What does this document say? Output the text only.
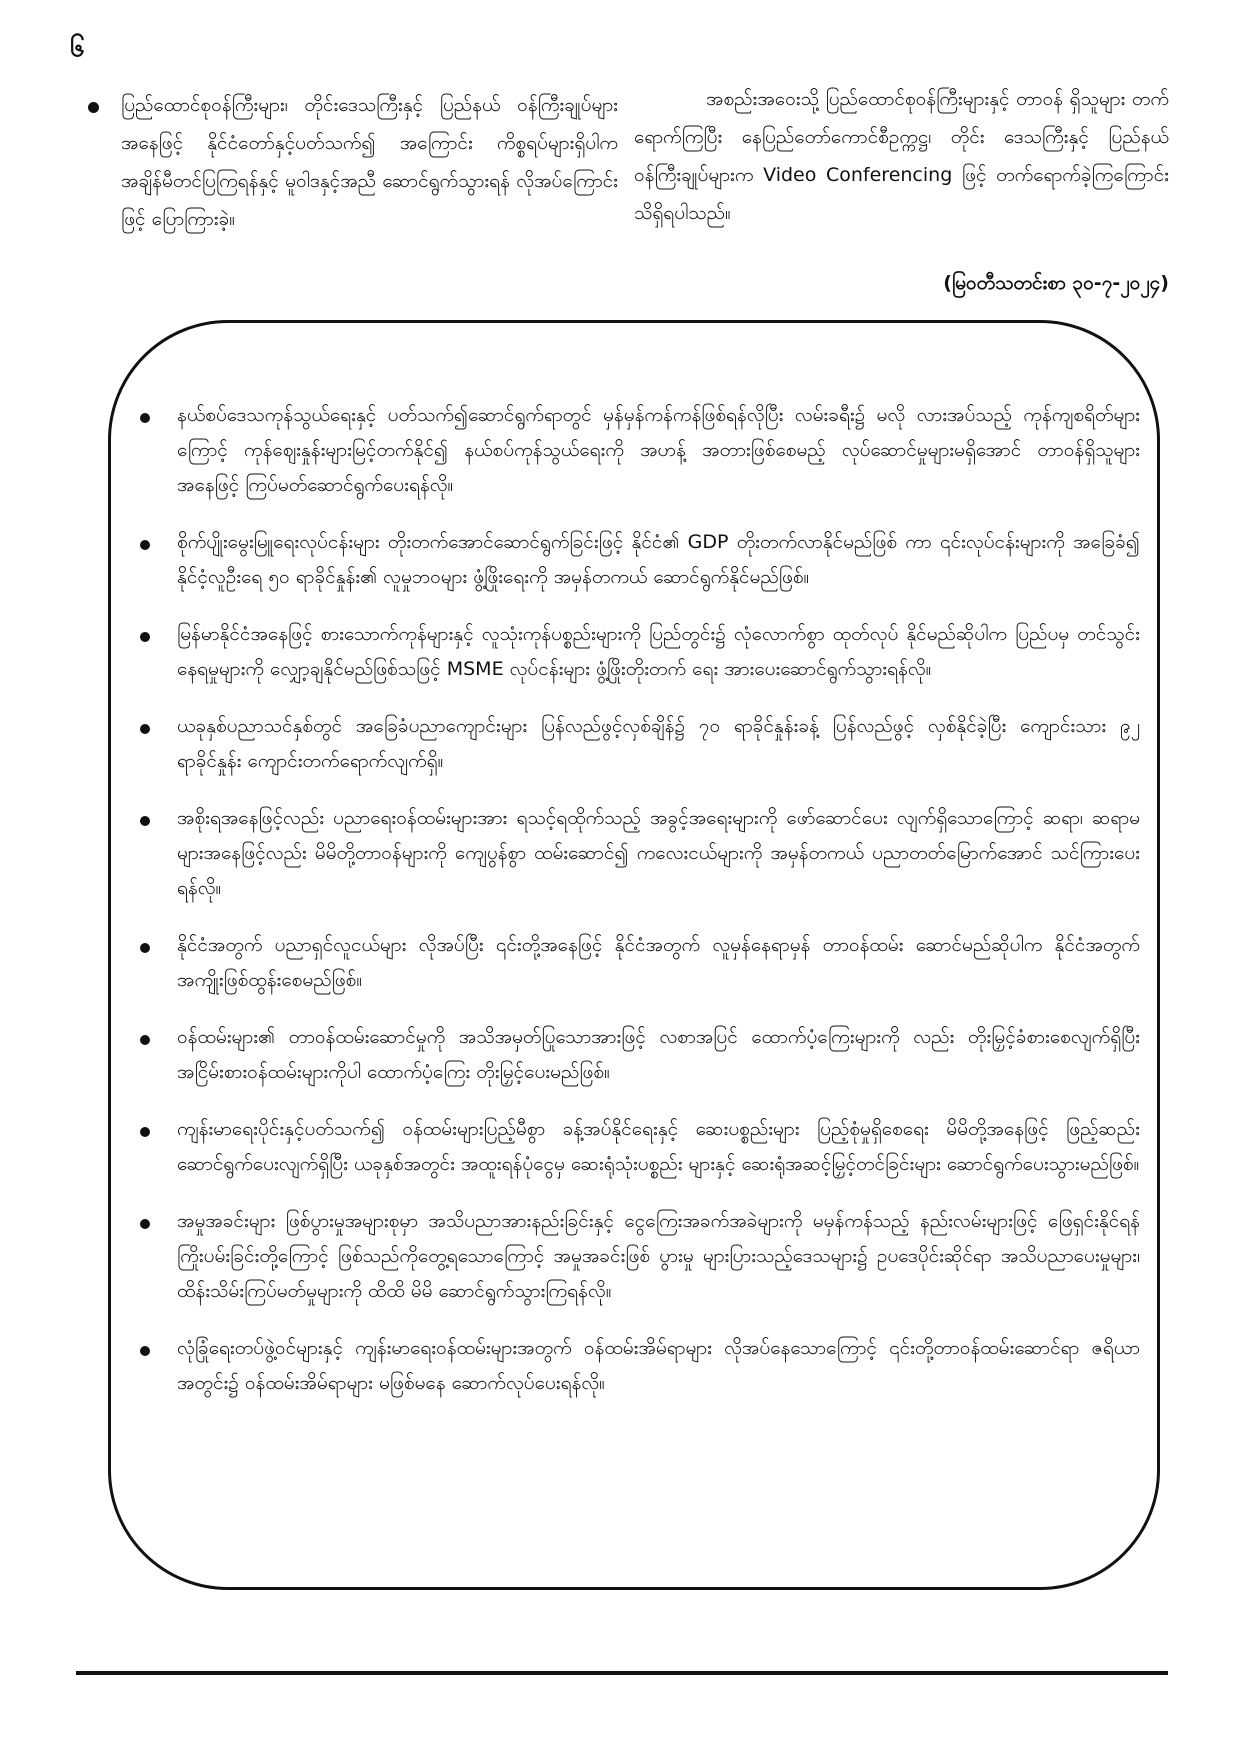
၆
ပြည်ထောင်စုဝန်ကြီးများ၊ တိုင်းဒေသကြီးနှင့် ပြည်နယ် ဝန်ကြီးချုပ်များအနေဖြင့် နိုင်ငံတော်နှင့်ပတ်သက်၍ အကြောင်း ကိစ္စရပ်များရှိပါက အချိန်မီတင်ပြကြရန်နှင့် မူဝါဒနှင့်အညီ ဆောင်ရွက်သွားရန် လိုအပ်ကြောင်းဖြင့် ပြောကြားခဲ့။
အစည်းအဝေးသို့ ပြည်ထောင်စုဝန်ကြီးများနှင့် တာဝန် ရှိသူများ တက်ရောက်ကြပြီး နေပြည်တော်ကောင်စီဥက္ကဋ္ဌ၊ တိုင်း ဒေသကြီးနှင့် ပြည်နယ်ဝန်ကြီးချုပ်များက Video Conferencing ဖြင့် တက်ရောက်ခဲ့ကြကြောင်း သိရှိရပါသည်။
(မြဝတီသတင်းစာ ၃၀-၇-၂၀၂၄)
နယ်စပ်ဒေသကုန်သွယ်ရေးနှင့် ပတ်သက်၍ဆောင်ရွက်ရာတွင် မှန်မှန်ကန်ကန်ဖြစ်ရန်လိုပြီး လမ်းခရီး၌ မလို လားအပ်သည့် ကုန်ကျစရိတ်များကြောင့် ကုန်ဈေးနှုန်းများမြင့်တက်နိုင်၍ နယ်စပ်ကုန်သွယ်ရေးကို အဟန့် အတားဖြစ်စေမည့် လုပ်ဆောင်မှုများမရှိအောင် တာဝန်ရှိသူများအနေဖြင့် ကြပ်မတ်ဆောင်ရွက်ပေးရန်လို။
စိုက်ပျိုးမွေးမြူရေးလုပ်ငန်းများ တိုးတက်အောင်ဆောင်ရွက်ခြင်းဖြင့် နိုင်ငံ၏ GDP တိုးတက်လာနိုင်မည်ဖြစ် ကာ ၎င်းလုပ်ငန်းများကို အခြေခံ၍ နိုင်ငံ့လူဦးရေ ၅၀ ရာခိုင်နှုန်း၏ လူမှုဘဝများ ဖွံ့ဖြိုးရေးကို အမှန်တကယ် ဆောင်ရွက်နိုင်မည်ဖြစ်။
မြန်မာနိုင်ငံအနေဖြင့် စားသောက်ကုန်များနှင့် လူသုံးကုန်ပစ္စည်းများကို ပြည်တွင်း၌ လုံလောက်စွာ ထုတ်လုပ် နိုင်မည်ဆိုပါက ပြည်ပမှ တင်သွင်းနေရမှုများကို လျှော့ချနိုင်မည်ဖြစ်သဖြင့် MSME လုပ်ငန်းများ ဖွံ့ဖြိုးတိုးတက် ရေး အားပေးဆောင်ရွက်သွားရန်လို။
ယခုနှစ်ပညာသင်နှစ်တွင် အခြေခံပညာကျောင်းများ ပြန်လည်ဖွင့်လှစ်ချိန်၌ ၇၀ ရာခိုင်နှုန်းခန့် ပြန်လည်ဖွင့် လှစ်နိုင်ခဲ့ပြီး ကျောင်းသား ၉၂ ရာခိုင်နှုန်း ကျောင်းတက်ရောက်လျက်ရှိ။
အစိုးရအနေဖြင့်လည်း ပညာရေးဝန်ထမ်းများအား ရသင့်ရထိုက်သည့် အခွင့်အရေးများကို ဖော်ဆောင်ပေး လျက်ရှိသောကြောင့် ဆရာ၊ ဆရာမများအနေဖြင့်လည်း မိမိတို့တာဝန်များကို ကျေပွန်စွာ ထမ်းဆောင်၍ ကလေးငယ်များကို အမှန်တကယ် ပညာတတ်မြောက်အောင် သင်ကြားပေးရန်လို။
နိုင်ငံအတွက် ပညာရှင်လူငယ်များ လိုအပ်ပြီး ၎င်းတို့အနေဖြင့် နိုင်ငံအတွက် လူမှန်နေရာမှန် တာဝန်ထမ်း ဆောင်မည်ဆိုပါက နိုင်ငံအတွက် အကျိုးဖြစ်ထွန်းစေမည်ဖြစ်။
ဝန်ထမ်းများ၏ တာဝန်ထမ်းဆောင်မှုကို အသိအမှတ်ပြုသောအားဖြင့် လစာအပြင် ထောက်ပံ့ကြေးများကို လည်း တိုးမြှင့်ခံစားစေလျက်ရှိပြီး အငြိမ်းစားဝန်ထမ်းများကိုပါ ထောက်ပံ့ကြေး တိုးမြှင့်ပေးမည်ဖြစ်။
ကျန်းမာရေးပိုင်းနှင့်ပတ်သက်၍ ဝန်ထမ်းများပြည့်မီစွာ ခန့်အပ်နိုင်ရေးနှင့် ဆေးပစ္စည်းများ ပြည့်စုံမှုရှိစေရေး မိမိတို့အနေဖြင့် ဖြည့်ဆည်းဆောင်ရွက်ပေးလျက်ရှိပြီး ယခုနှစ်အတွင်း အထူးရန်ပုံငွေမှ ဆေးရုံသုံးပစ္စည်း များနှင့် ဆေးရုံအဆင့်မြှင့်တင်ခြင်းများ ဆောင်ရွက်ပေးသွားမည်ဖြစ်။
အမှုအခင်းများ ဖြစ်ပွားမှုအများစုမှာ အသိပညာအားနည်းခြင်းနှင့် ငွေကြေးအခက်အခဲများကို မမှန်ကန်သည့် နည်းလမ်းများဖြင့် ဖြေရှင်းနိုင်ရန် ကြိုးပမ်းခြင်းတို့ကြောင့် ဖြစ်သည်ကိုတွေ့ရသောကြောင့် အမှုအခင်းဖြစ် ပွားမှု များပြားသည့်ဒေသများ၌ ဥပဒေပိုင်းဆိုင်ရာ အသိပညာပေးမှုများ၊ ထိန်းသိမ်းကြပ်မတ်မှုများကို ထိထိ မိမိ ဆောင်ရွက်သွားကြရန်လို။
လုံခြုံရေးတပ်ဖွဲ့ဝင်များနှင့် ကျန်းမာရေးဝန်ထမ်းများအတွက် ဝန်ထမ်းအိမ်ရာများ လိုအပ်နေသောကြောင့် ၎င်းတို့တာဝန်ထမ်းဆောင်ရာ ဇရိယာအတွင်း၌ ဝန်ထမ်းအိမ်ရာများ မဖြစ်မနေ ဆောက်လုပ်ပေးရန်လို။
